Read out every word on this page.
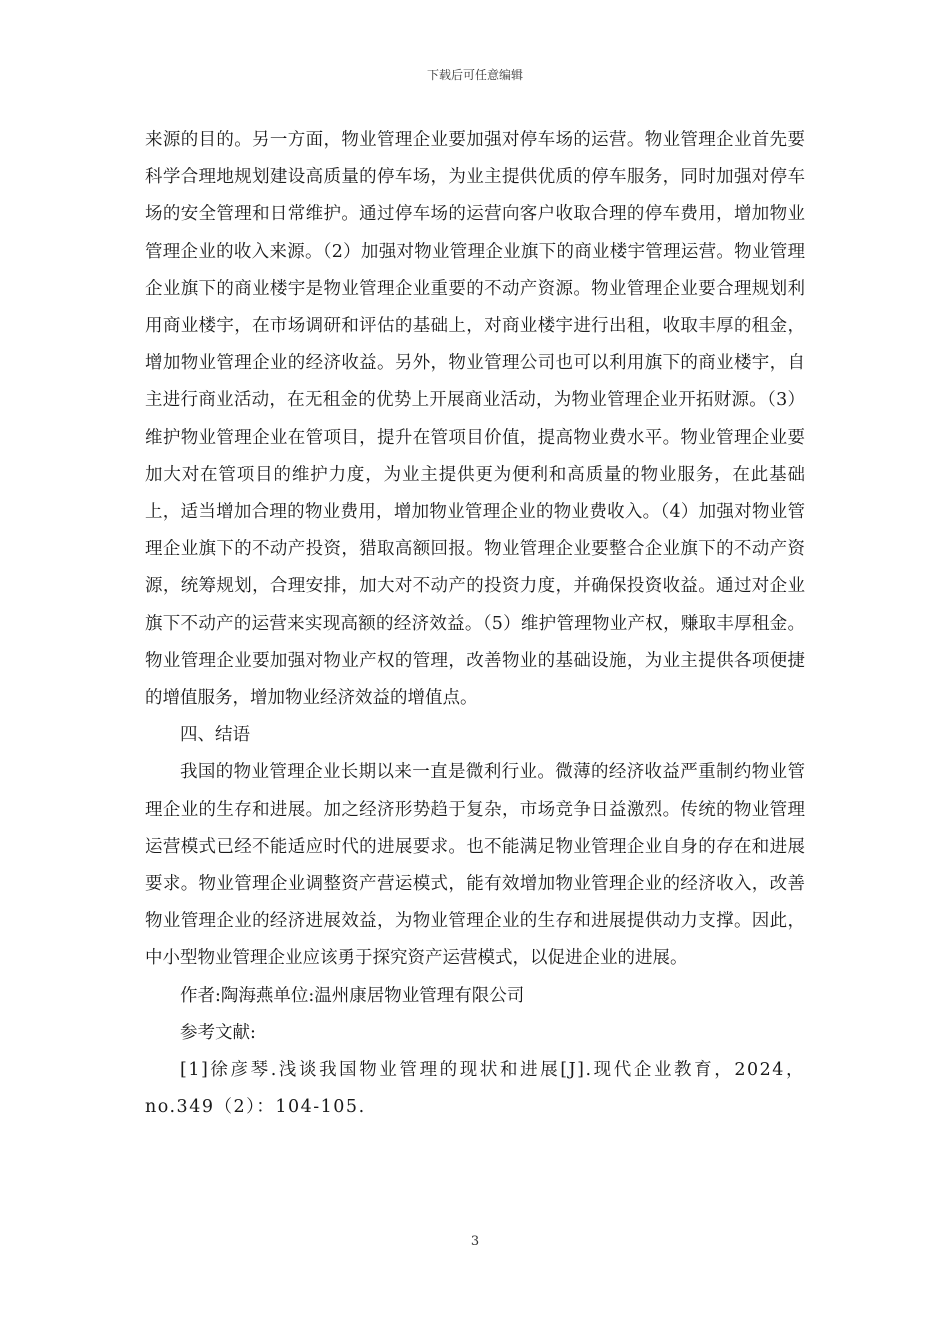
下载后可任意编辑

来源的目的。另一方面，物业管理企业要加强对停车场的运营。物业管理企业首先要科学合理地规划建设高质量的停车场，为业主提供优质的停车服务，同时加强对停车场的安全管理和日常维护。通过停车场的运营向客户收取合理的停车费用，增加物业管理企业的收入来源。（2）加强对物业管理企业旗下的商业楼宇管理运营。物业管理企业旗下的商业楼宇是物业管理企业重要的不动产资源。物业管理企业要合理规划利用商业楼宇，在市场调研和评估的基础上，对商业楼宇进行出租，收取丰厚的租金，增加物业管理企业的经济收益。另外，物业管理公司也可以利用旗下的商业楼宇，自主进行商业活动，在无租金的优势上开展商业活动，为物业管理企业开拓财源。（3）维护物业管理企业在管项目，提升在管项目价值，提高物业费水平。物业管理企业要加大对在管项目的维护力度，为业主提供更为便利和高质量的物业服务，在此基础上，适当增加合理的物业费用，增加物业管理企业的物业费收入。（4）加强对物业管理企业旗下的不动产投资，猎取高额回报。物业管理企业要整合企业旗下的不动产资源，统筹规划，合理安排，加大对不动产的投资力度，并确保投资收益。通过对企业旗下不动产的运营来实现高额的经济效益。（5）维护管理物业产权，赚取丰厚租金。物业管理企业要加强对物业产权的管理，改善物业的基础设施，为业主提供各项便捷的增值服务，增加物业经济效益的增值点。

四、结语

我国的物业管理企业长期以来一直是微利行业。微薄的经济收益严重制约物业管理企业的生存和进展。加之经济形势趋于复杂，市场竞争日益激烈。传统的物业管理运营模式已经不能适应时代的进展要求。也不能满足物业管理企业自身的存在和进展要求。物业管理企业调整资产营运模式，能有效增加物业管理企业的经济收入，改善物业管理企业的经济进展效益，为物业管理企业的生存和进展提供动力支撑。因此，中小型物业管理企业应该勇于探究资产运营模式，以促进企业的进展。

作者:陶海燕单位:温州康居物业管理有限公司

参考文献:

[1]徐彦琴.浅谈我国物业管理的现状和进展[J].现代企业教育，2024，no.349（2）：104-105.

3
